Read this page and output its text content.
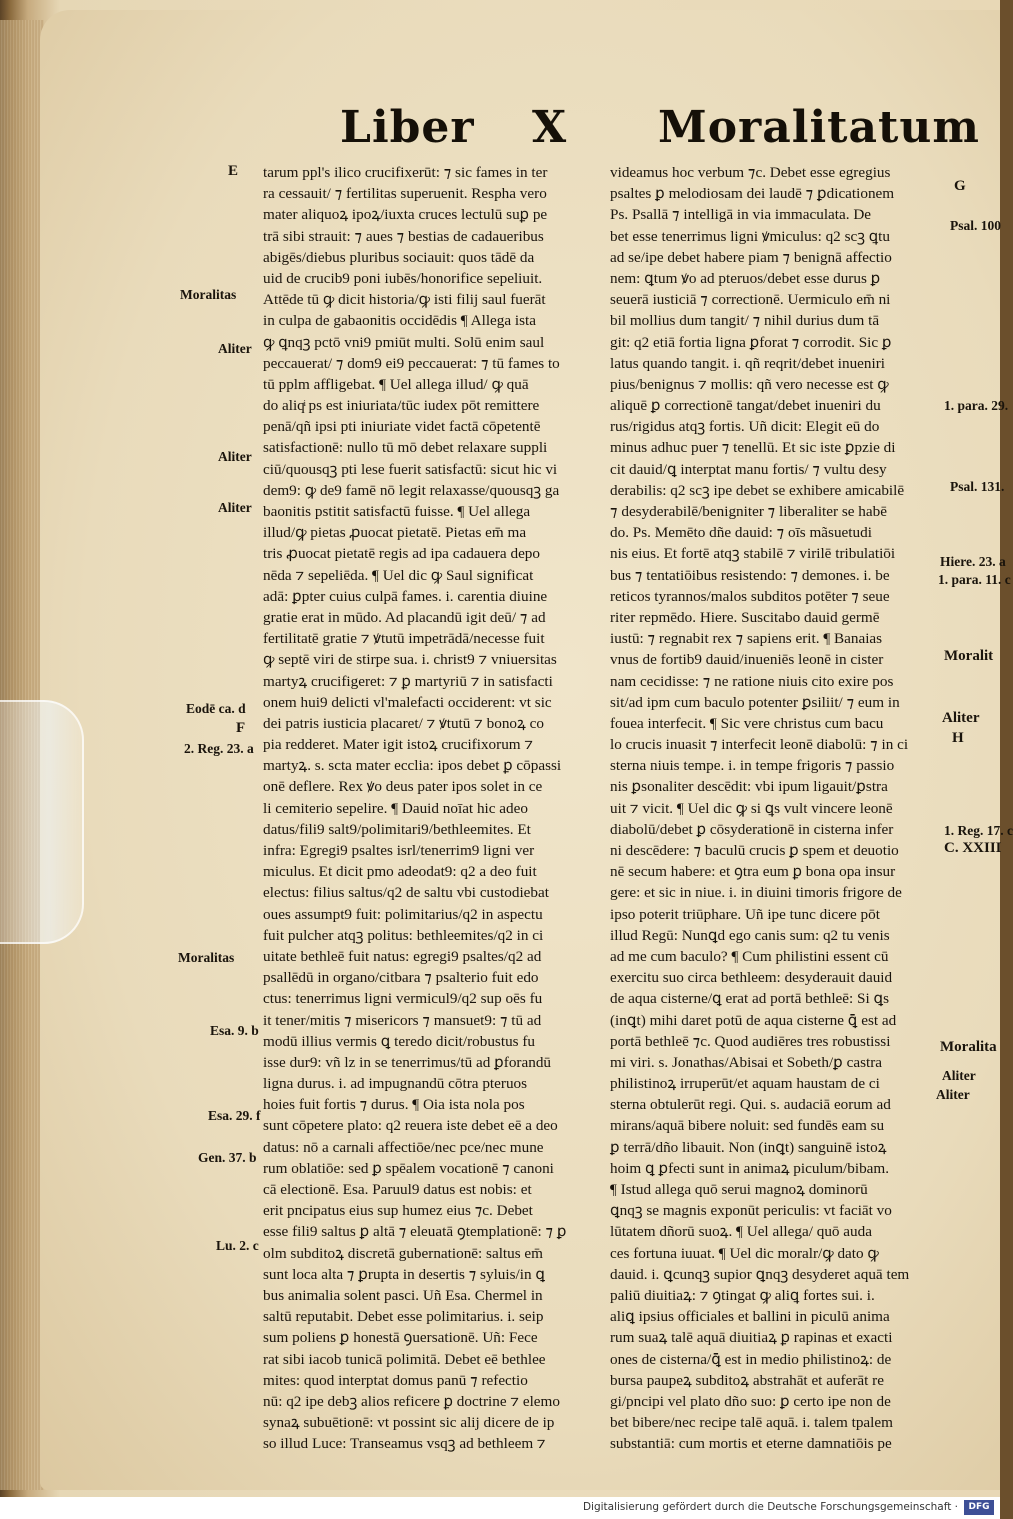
Liber X Moralitatum
tarum ppl's ilico crucifixerūt: ⁊ sic fames in ter
ra cessauit/ ⁊ fertilitas superuenit. Respha vero
mater aliquoꝝ ipoꝝ/iuxta cruces lectulū suꝑ pe
trā sibi strauit: ⁊ aues ⁊ bestias de cadaueribus
abigēs/diebus pluribus sociauit: quos tādē da
uid de crucib9 poni iubēs/honorifice sepeliuit.
Attēde tū ꝙ dicit historia/ꝙ isti filij saul fuerāt
in culpa de gabaonitis occidēdis ¶ Allega ista
ꝙ ꝗnqꝫ pctō vni9 pmiūt multi. Solū enim saul
peccauerat/ ⁊ dom9 ei9 peccauerat: ⁊ tū fames to
tū pplm affligebat. ¶ Uel allega illud/ ꝙ quā
do aliqͥ ps est iniuriata/tūc iudex pōt remittere
penā/qñ ipsi pti iniuriate videt factā cōpetentē
satisfactionē: nullo tū mō debet relaxare suppli
ciū/quousqꝫ pti lese fuerit satisfactū: sicut hic vi
dem9: ꝙ de9 famē nō legit relaxasse/quousqꝫ ga
baonitis pstitit satisfactū fuisse. ¶ Uel allega
illud/ꝙ pietas ꝓuocat pietatē. Pietas em̄ ma
tris ꝓuocat pietatē regis ad ipa cadauera depo
nēda ⁊ sepeliēda. ¶ Uel dic ꝙ Saul significat
adā: ꝑpter cuius culpā fames. i. carentia diuine
gratie erat in mūdo. Ad placandū igit deū/ ⁊ ad
fertilitatē gratie ⁊ ꝟtutū impetrādā/necesse fuit
ꝙ septē viri de stirpe sua. i. christ9 ⁊ vniuersitas
martyꝝ crucifigeret: ⁊ ꝑ martyriū ⁊ in satisfacti
onem hui9 delicti vl'malefacti occiderent: vt sic
dei patris iusticia placaret/ ⁊ ꝟtutū ⁊ bonoꝝ co
pia redderet. Mater igit istoꝝ crucifixorum ⁊
martyꝝ. s. scta mater ecclia: ipos debet ꝑ cōpassi
onē deflere. Rex ꝟo deus pater ipos solet in ce
li cemiterio sepelire. ¶ Dauid noīat hic adeo
datus/fili9 salt9/polimitari9/bethleemites. Et
infra: Egregi9 psaltes isrl/tenerrim9 ligni ver
miculus. Et dicit pmo adeodat9: q2 a deo fuit
electus: filius saltus/q2 de saltu vbi custodiebat
oues assumpt9 fuit: polimitarius/q2 in aspectu
fuit pulcher atqꝫ politus: bethleemites/q2 in ci
uitate bethleē fuit natus: egregi9 psaltes/q2 ad
psallēdū in organo/citbara ⁊ psalterio fuit edo
ctus: tenerrimus ligni vermicul9/q2 sup oēs fu
it tener/mitis ⁊ misericors ⁊ mansuet9: ⁊ tū ad
modū illius vermis ꝗ teredo dicit/robustus fu
isse dur9: vñ lz in se tenerrimus/tū ad ꝑforandū
ligna durus. i. ad impugnandū cōtra pteruos
hoies fuit fortis ⁊ durus. ¶ Oia ista nola pos
sunt cōpetere plato: q2 reuera iste debet eē a deo
datus: nō a carnali affectiōe/nec pce/nec mune
rum oblatiōe: sed ꝑ spēalem vocationē ⁊ canoni
cā electionē. Esa. Paruul9 datus est nobis: et
erit pncipatus eius sup humez eius ⁊c. Debet
esse fili9 saltus ꝑ altā ⁊ eleuatā ꝯtemplationē: ⁊ ꝑ
olm subditoꝝ discretā gubernationē: saltus em̄
sunt loca alta ⁊ ꝑrupta in desertis ⁊ syluis/in ꝗ
bus animalia solent pasci. Uñ Esa. Chermel in
saltū reputabit. Debet esse polimitarius. i. seip
sum poliens ꝑ honestā ꝯuersationē. Uñ: Fece
rat sibi iacob tunicā polimitā. Debet eē bethlee
mites: quod interptat domus panū ⁊ refectio
nū: q2 ipe debꝫ alios reficere ꝑ doctrine ⁊ elemo
synaꝝ subuētionē: vt possint sic alij dicere de ip
so illud Luce: Transeamus vsqꝫ ad bethleem ⁊
videamus hoc verbum ⁊c. Debet esse egregius
psaltes ꝑ melodiosam dei laudē ⁊ ꝑdicationem
Ps. Psallā ⁊ intelligā in via immaculata. De
bet esse tenerrimus ligni ꝟmiculus: q2 scꝫ ꝗtu
ad se/ipe debet habere piam ⁊ benignā affectio
nem: ꝗtum ꝟo ad pteruos/debet esse durus ꝑ
seuerā iusticiā ⁊ correctionē. Uermiculo em̄ ni
bil mollius dum tangit/ ⁊ nihil durius dum tā
git: q2 etiā fortia ligna ꝑforat ⁊ corrodit. Sic ꝑ
latus quando tangit. i. qñ reqrit/debet inueniri
pius/benignus ⁊ mollis: qñ vero necesse est ꝙ
aliquē ꝑ correctionē tangat/debet inueniri du
rus/rigidus atqꝫ fortis. Uñ dicit: Elegit eū do
minus adhuc puer ⁊ tenellū. Et sic iste ꝑpzie di
cit dauid/ꝗ interptat manu fortis/ ⁊ vultu desy
derabilis: q2 scꝫ ipe debet se exhibere amicabilē
⁊ desyderabilē/benigniter ⁊ liberaliter se habē
do. Ps. Memēto dñe dauid: ⁊ oīs mãsuetudi
nis eius. Et fortē atqꝫ stabilē ⁊ virilē tribulatiōi
bus ⁊ tentatiōibus resistendo: ⁊ demones. i. be
reticos tyrannos/malos subditos potēter ⁊ seue
riter repmēdo. Hiere. Suscitabo dauid germē
iustū: ⁊ regnabit rex ⁊ sapiens erit. ¶ Banaias
vnus de fortib9 dauid/inueniēs leonē in cister
nam cecidisse: ⁊ ne ratione niuis cito exire pos
sit/ad ipm cum baculo potenter ꝑsiliit/ ⁊ eum in
fouea interfecit. ¶ Sic vere christus cum bacu
lo crucis inuasit ⁊ interfecit leonē diabolū: ⁊ in ci
sterna niuis tempe. i. in tempe frigoris ⁊ passio
nis ꝑsonaliter descēdit: vbi ipum ligauit/ꝑstra
uit ⁊ vicit. ¶ Uel dic ꝙ si ꝗs vult vincere leonē
diabolū/debet ꝑ cōsyderationē in cisterna infer
ni descēdere: ⁊ baculū crucis ꝑ spem et deuotio
nē secum habere: et ꝯtra eum ꝑ bona opa insur
gere: et sic in niue. i. in diuini timoris frigore de
ipso poterit triūphare. Uñ ipe tunc dicere pōt
illud Regū: Nunꝗd ego canis sum: q2 tu venis
ad me cum baculo? ¶ Cum philistini essent cū
exercitu suo circa bethleem: desyderauit dauid
de aqua cisterne/ꝗ erat ad portā bethleē: Si ꝗs
(inꝗt) mihi daret potū de aqua cisterne ꝗ̄ est ad
portā bethleē ⁊c. Quod audiēres tres robustissi
mi viri. s. Jonathas/Abisai et Sobeth/ꝑ castra
philistinoꝝ irruperūt/et aquam haustam de ci
sterna obtulerūt regi. Qui. s. audaciā eorum ad
mirans/aquā bibere noluit: sed fundēs eam su
ꝑ terrā/dño libauit. Non (inꝗt) sanguinē istoꝝ
hoim ꝗ ꝑfecti sunt in animaꝝ piculum/bibam.
¶ Istud allega quō serui magnoꝝ dominorū
ꝗnqꝫ se magnis exponūt periculis: vt faciāt vo
lūtatem dñorū suoꝝ. ¶ Uel allega/ quō auda
ces fortuna iuuat. ¶ Uel dic moralr/ꝙ dato ꝙ
dauid. i. ꝗcunqꝫ supior ꝗnqꝫ desyderet aquā tem
paliū diuitiaꝝ: ⁊ ꝯtingat ꝙ aliꝗ fortes sui. i.
aliꝗ ipsius officiales et ballini in piculū anima
rum suaꝝ talē aquā diuitiaꝝ ꝑ rapinas et exacti
ones de cisterna/ꝗ̄ est in medio philistinoꝝ: de
bursa paupeꝝ subditoꝝ abstrahāt et auferāt re
gi/pncipi vel plato dño suo: ꝑ certo ipe non de
bet bibere/nec recipe talē aquā. i. talem tpalem
substantiā: cum mortis et eterne damnatiōis pe
E
Moralitas
Aliter
Aliter
Aliter
Eodē ca. d
F
2. Reg. 23. a
Moralitas
Esa. 9. b
Esa. 29. f
Gen. 37. b
Lu. 2. c
G
Psal. 100
1. para. 29.
Psal. 131.
Hiere. 23. a
1. para. 11. c
Moralit
Aliter
H
1. Reg. 17. c
C. XXIII
Moralita
Aliter
Aliter
Digitalisierung gefördert durch die Deutsche Forschungsgemeinschaft ·	DFG
